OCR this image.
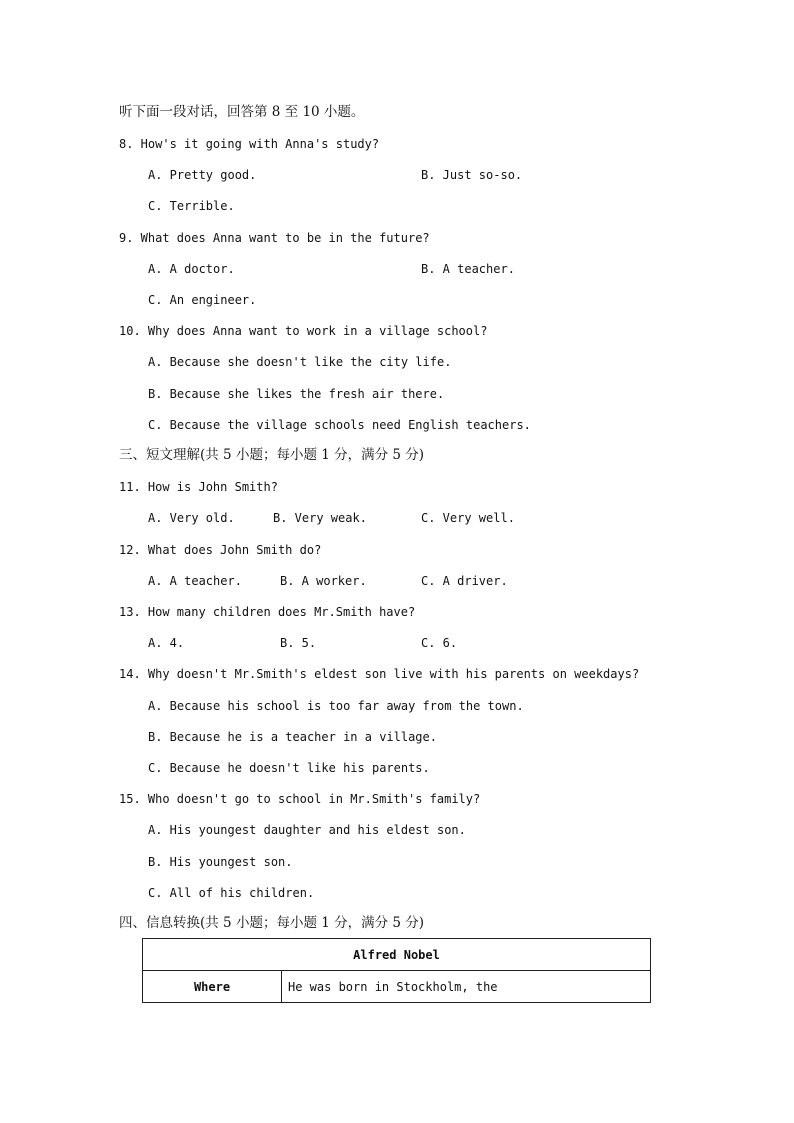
听下面一段对话，回答第 8 至 10 小题。
8. How's it going with Anna's study?
A. Pretty good.	B. Just so-so.
C. Terrible.
9. What does Anna want to be in the future?
A. A doctor.	B. A teacher.
C. An engineer.
10. Why does Anna want to work in a village school?
A. Because she doesn't like the city life.
B. Because she likes the fresh air there.
C. Because the village schools need English teachers.
三、短文理解(共 5 小题；每小题 1 分，满分 5 分)
11. How is John Smith?
A. Very old.	B. Very weak.	C. Very well.
12. What does John Smith do?
A. A teacher.	B. A worker.	C. A driver.
13. How many children does Mr.Smith have?
A. 4.	B. 5.	C. 6.
14. Why doesn't Mr.Smith's eldest son live with his parents on weekdays?
A. Because his school is too far away from the town.
B. Because he is a teacher in a village.
C. Because he doesn't like his parents.
15. Who doesn't go to school in Mr.Smith's family?
A. His youngest daughter and his eldest son.
B. His youngest son.
C. All of his children.
四、信息转换(共 5 小题；每小题 1 分，满分 5 分)
Alfred Nobel
Where	He was born in Stockholm, the
